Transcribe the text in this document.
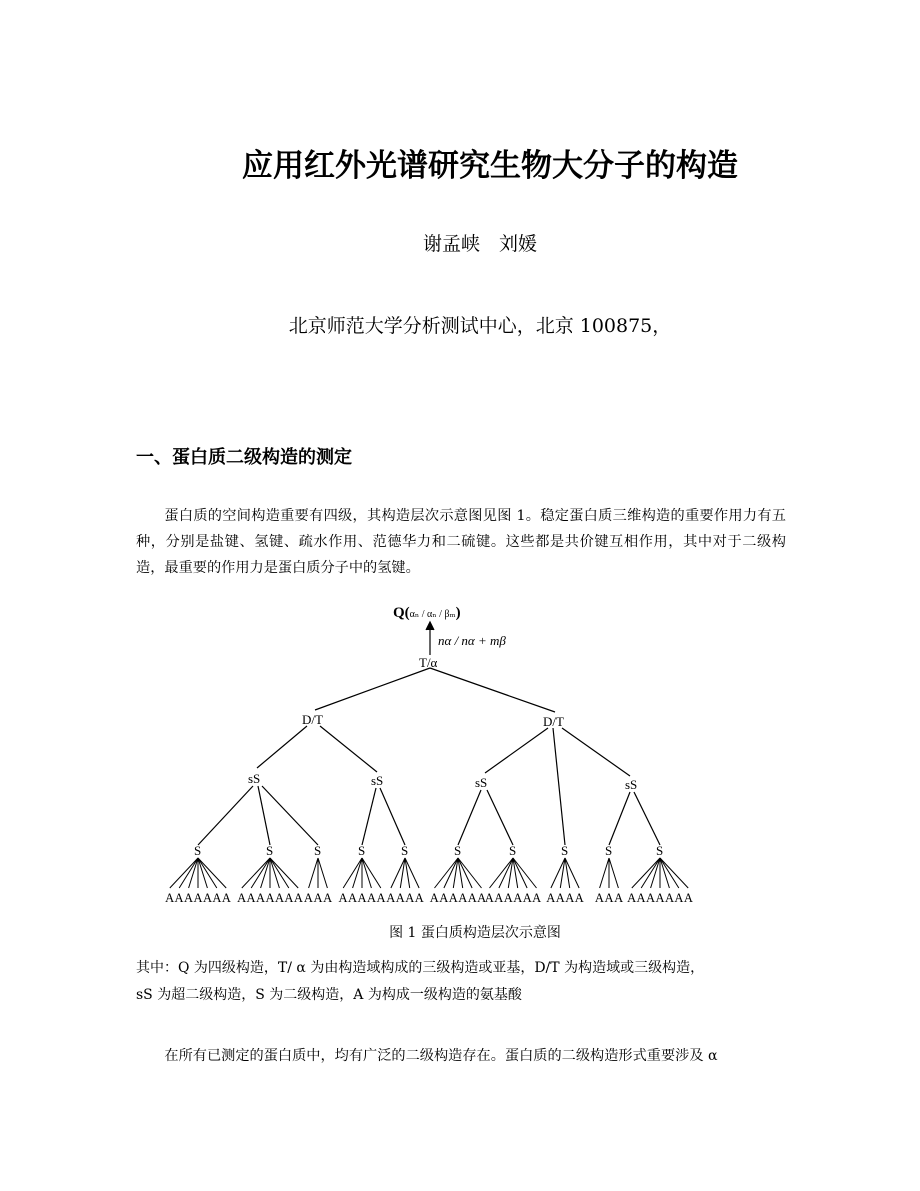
应用红外光谱研究生物大分子的构造
谢孟峡　刘媛
北京师范大学分析测试中心，北京 100875，
一、蛋白质二级构造的测定

蛋白质的空间构造重要有四级，其构造层次示意图见图 1。稳定蛋白质三维构造的重要作用力有五种，分别是盐键、氢键、疏水作用、范德华力和二硫键。这些都是共价键互相作用，其中对于二级构造，最重要的作用力是蛋白质分子中的氢键。

Q(αₙ / αₙ / βₘ)
nα / nα + mβ
T/α
D/T	D/T
sS	sS	sS	sS
S	S	S	S	S	S	S	S	S	S
AAAAAAA AAAAAAA AAA AAAAA AAAA AAAAAA
AAAAAA AAAA AAA AAAAAAA
图 1 蛋白质构造层次示意图

其中：Q 为四级构造，T/ α 为由构造域构成的三级构造或亚基，D/T 为构造域或三级构造，
sS 为超二级构造，S 为二级构造，A 为构成一级构造的氨基酸

在所有已测定的蛋白质中，均有广泛的二级构造存在。蛋白质的二级构造形式重要涉及 α
